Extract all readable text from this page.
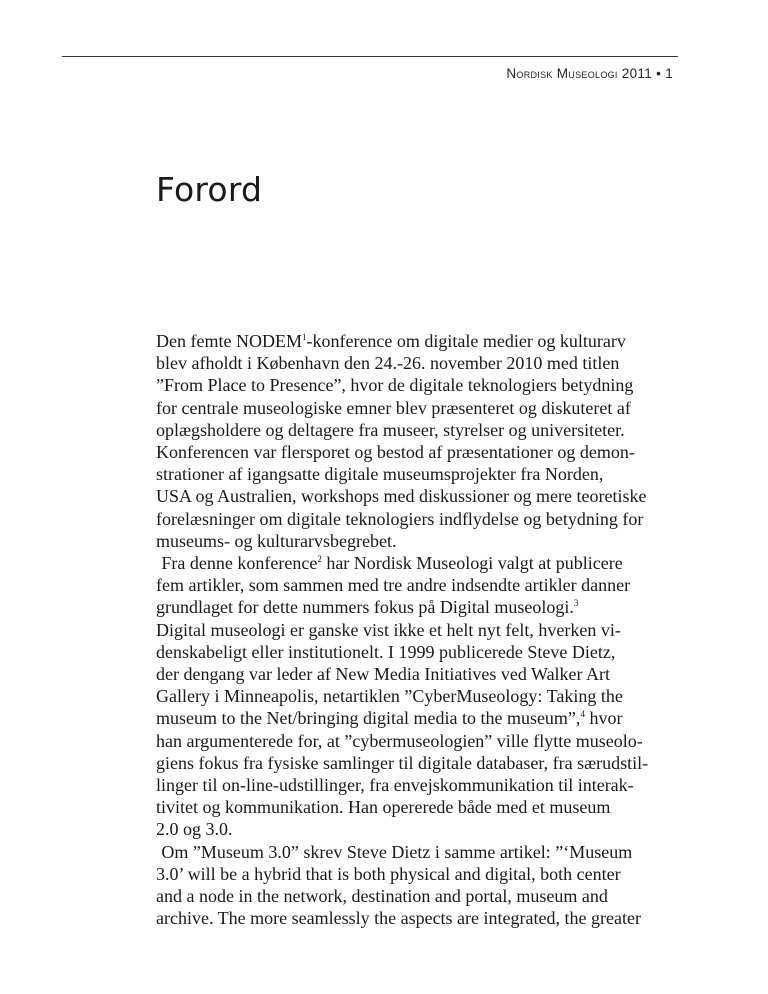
Nordisk Museologi 2011 • 1
Forord
Den femte NODEM$^1$-konference om digitale medier og kulturarv
blev afholdt i København den 24.-26. november 2010 med titlen
”From Place to Presence”, hvor de digitale teknologiers betydning
for centrale museologiske emner blev præsenteret og diskuteret af
oplægsholdere og deltagere fra museer, styrelser og universiteter.
Konferencen var flersporet og bestod af præsentationer og demon-
strationer af igangsatte digitale museumsprojekter fra Norden,
USA og Australien, workshops med diskussioner og mere teoretiske
forelæsninger om digitale teknologiers indflydelse og betydning for
museums- og kulturarvsbegrebet.
Fra denne konference$^2$ har Nordisk Museologi valgt at publicere
fem artikler, som sammen med tre andre indsendte artikler danner
grundlaget for dette nummers fokus på Digital museologi.$^3$
Digital museologi er ganske vist ikke et helt nyt felt, hverken vi-
denskabeligt eller institutionelt. I 1999 publicerede Steve Dietz,
der dengang var leder af New Media Initiatives ved Walker Art
Gallery i Minneapolis, netartiklen ”CyberMuseology: Taking the
museum to the Net/bringing digital media to the museum”,$^4$ hvor
han argumenterede for, at ”cybermuseologien” ville flytte museolo-
giens fokus fra fysiske samlinger til digitale databaser, fra særudstil-
linger til on-line-udstillinger, fra envejskommunikation til interak-
tivitet og kommunikation. Han opererede både med et museum
2.0 og 3.0.
Om ”Museum 3.0” skrev Steve Dietz i samme artikel: ”‘Museum
3.0’ will be a hybrid that is both physical and digital, both center
and a node in the network, destination and portal, museum and
archive. The more seamlessly the aspects are integrated, the greater
